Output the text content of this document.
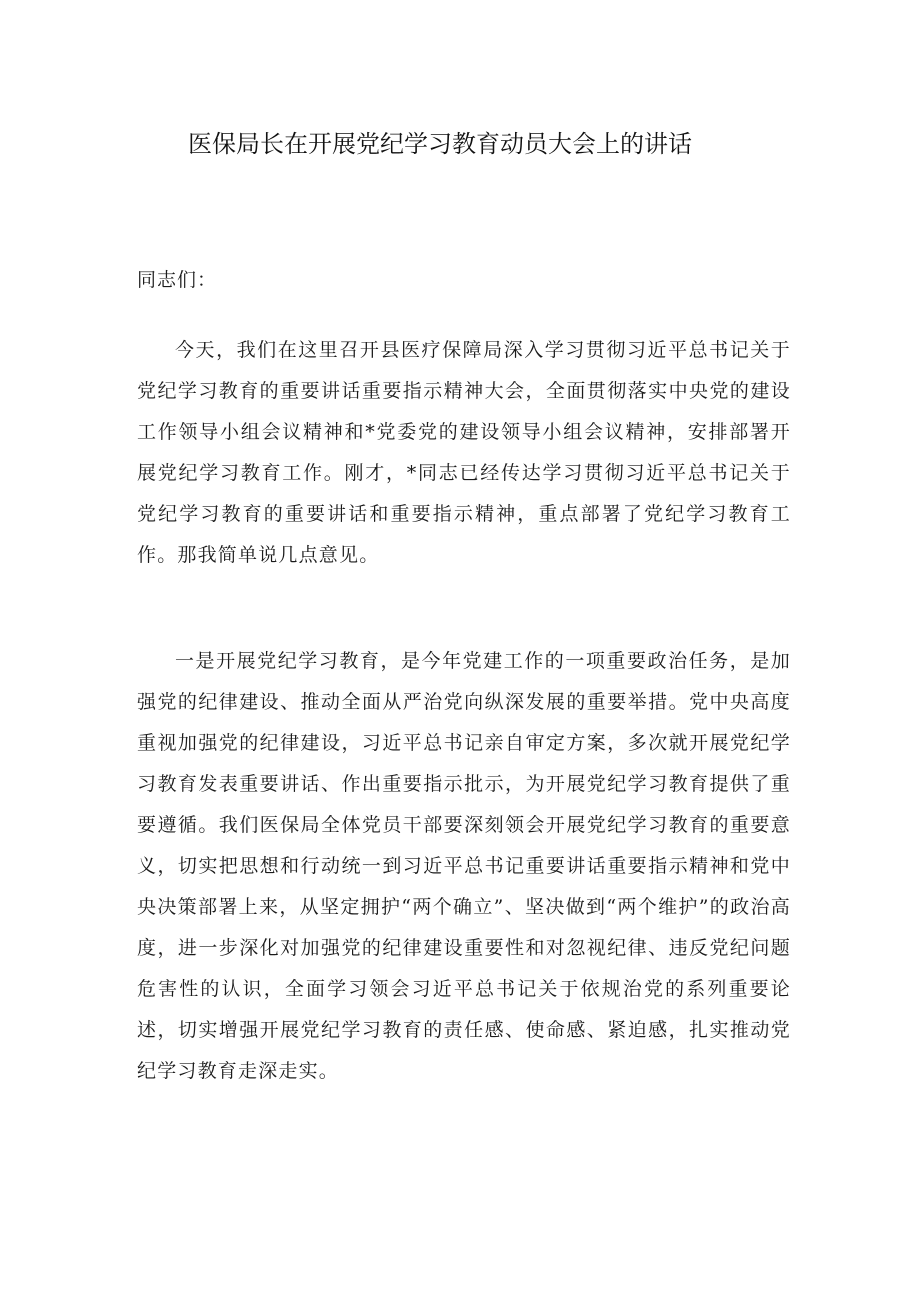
医保局长在开展党纪学习教育动员大会上的讲话
同志们：

今天，我们在这里召开县医疗保障局深入学习贯彻习近平总书记关于党纪学习教育的重要讲话重要指示精神大会，全面贯彻落实中央党的建设工作领导小组会议精神和*党委党的建设领导小组会议精神，安排部署开展党纪学习教育工作。刚才，*同志已经传达学习贯彻习近平总书记关于党纪学习教育的重要讲话和重要指示精神，重点部署了党纪学习教育工作。那我简单说几点意见。

一是开展党纪学习教育，是今年党建工作的一项重要政治任务，是加强党的纪律建设、推动全面从严治党向纵深发展的重要举措。党中央高度重视加强党的纪律建设，习近平总书记亲自审定方案，多次就开展党纪学习教育发表重要讲话、作出重要指示批示，为开展党纪学习教育提供了重要遵循。我们医保局全体党员干部要深刻领会开展党纪学习教育的重要意义，切实把思想和行动统一到习近平总书记重要讲话重要指示精神和党中央决策部署上来，从坚定拥护“两个确立”、坚决做到“两个维护”的政治高度，进一步深化对加强党的纪律建设重要性和对忽视纪律、违反党纪问题危害性的认识，全面学习领会习近平总书记关于依规治党的系列重要论述，切实增强开展党纪学习教育的责任感、使命感、紧迫感，扎实推动党纪学习教育走深走实。
